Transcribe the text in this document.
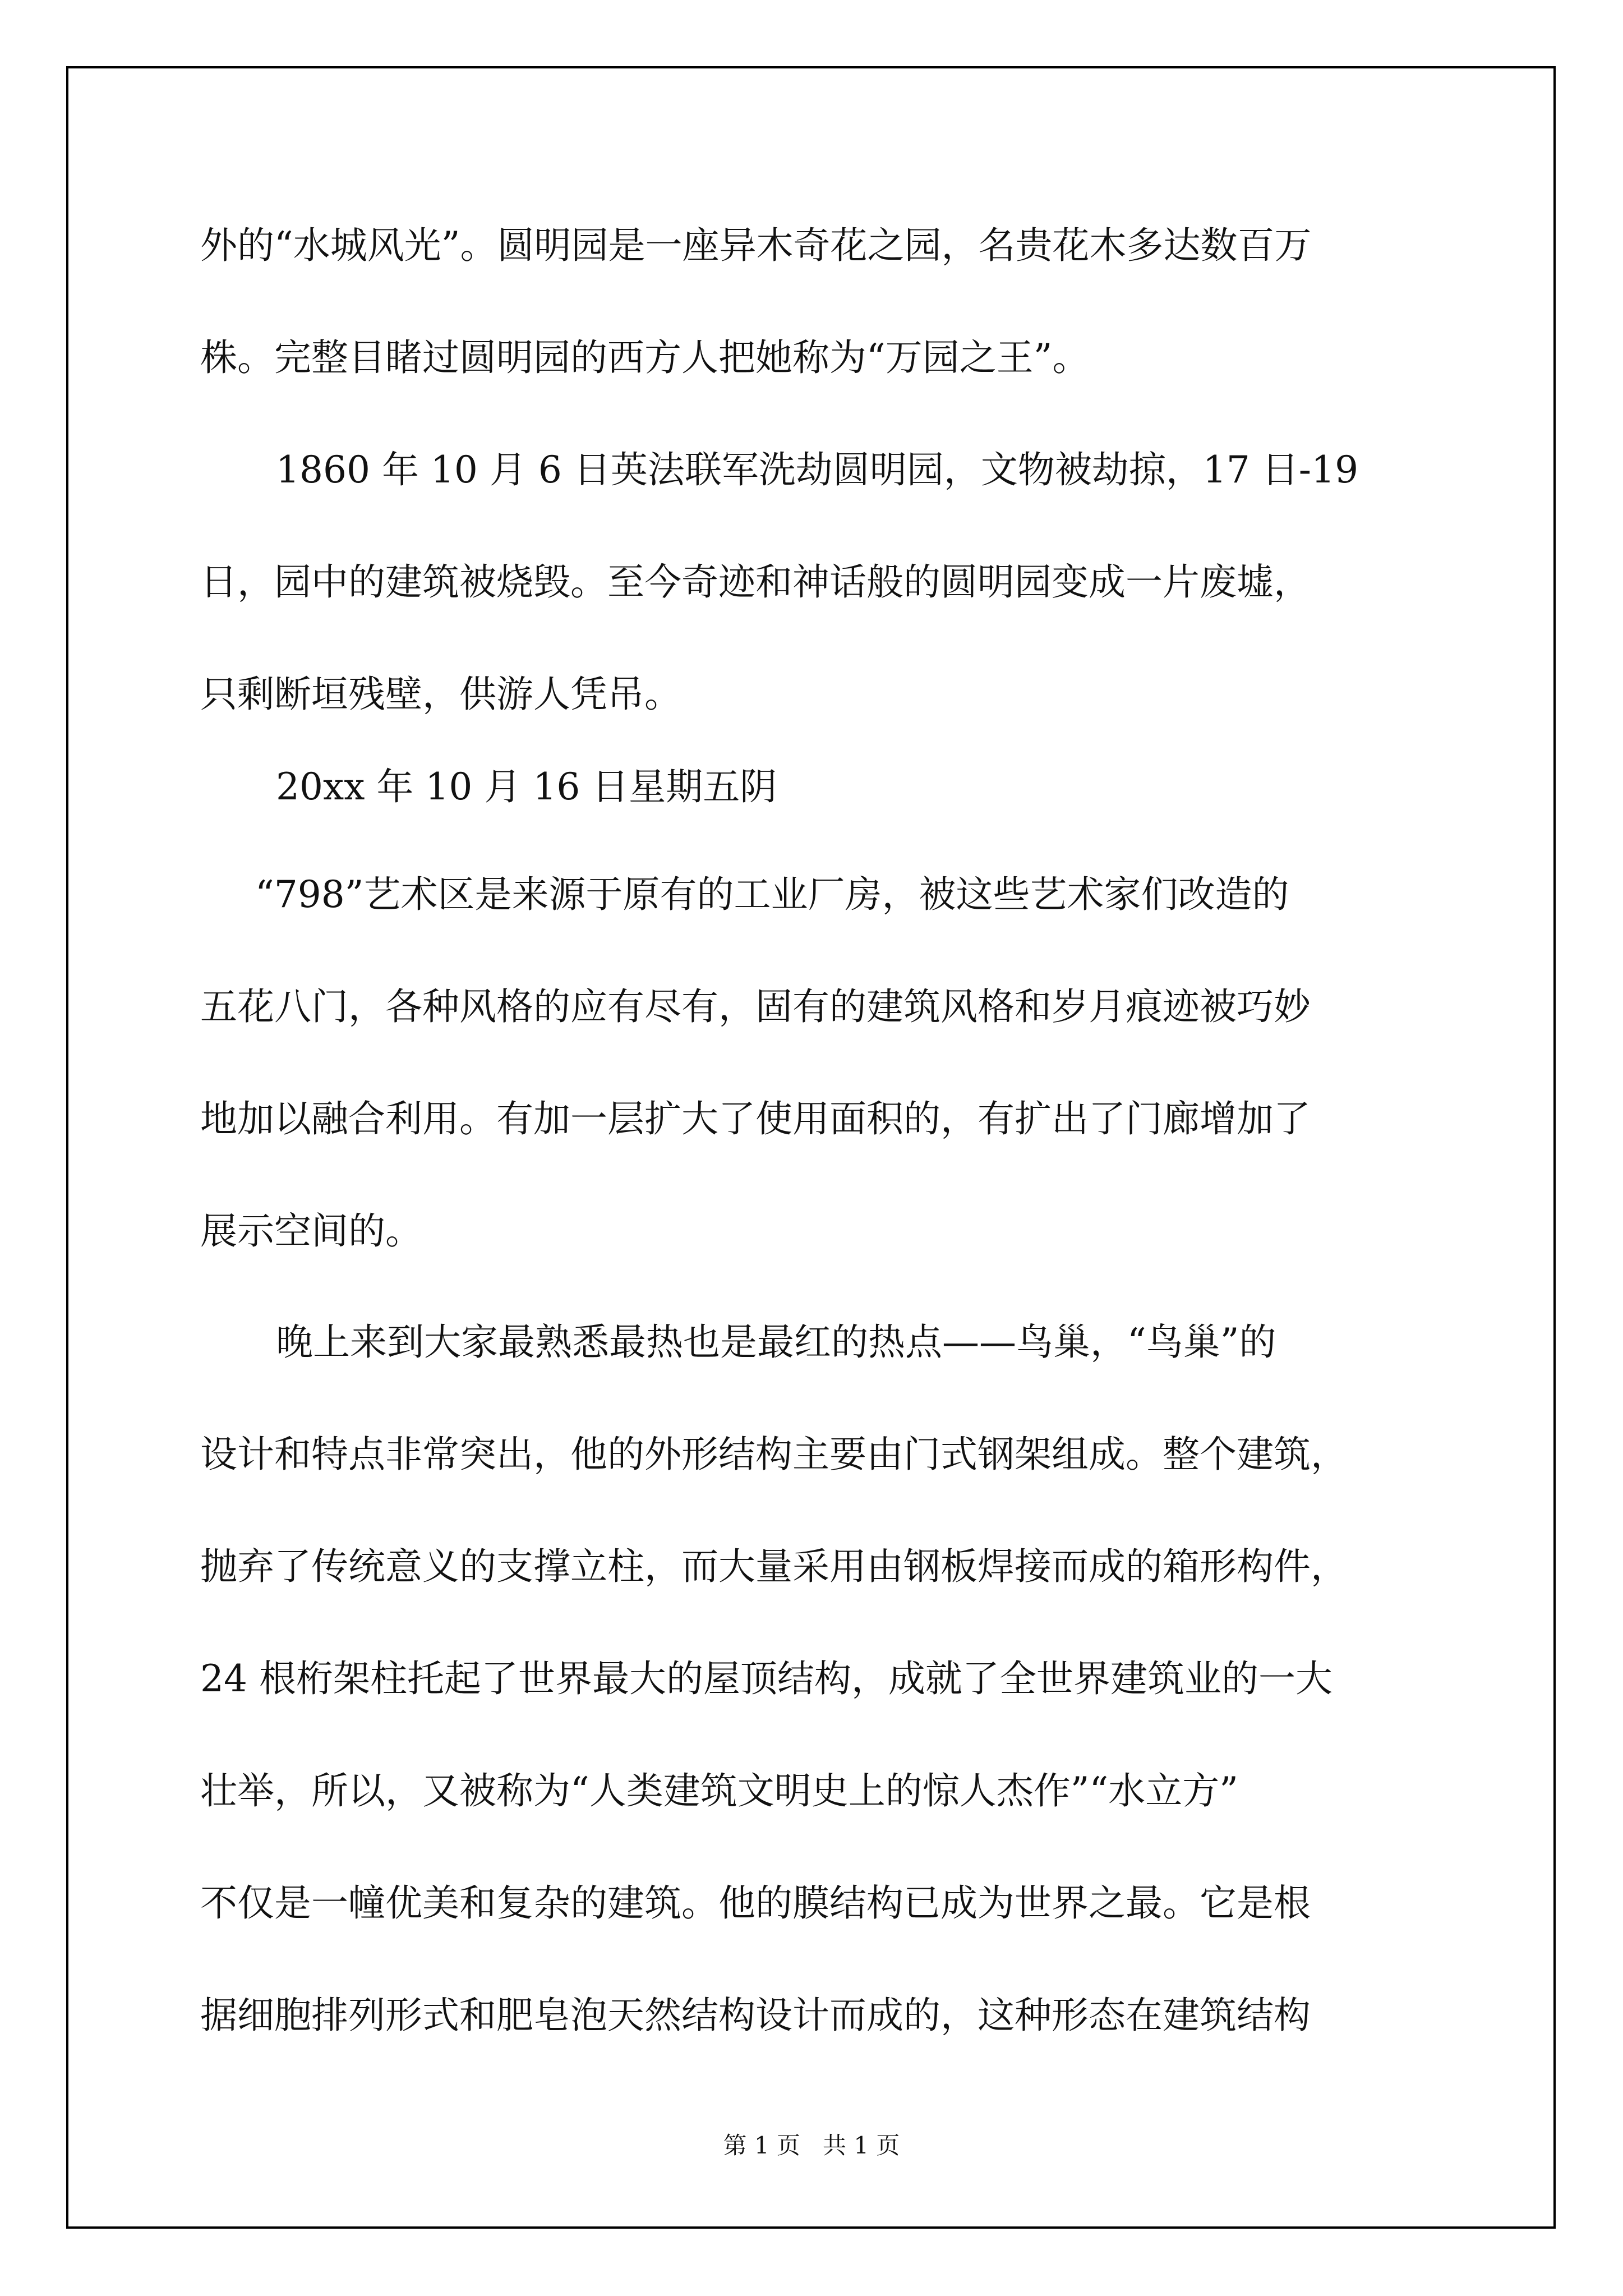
外的“水城风光”。圆明园是一座异木奇花之园，名贵花木多达数百万
株。完整目睹过圆明园的西方人把她称为“万园之王”。
1860 年 10 月 6 日英法联军洗劫圆明园，文物被劫掠，17 日-19
日，园中的建筑被烧毁。至今奇迹和神话般的圆明园变成一片废墟，
只剩断垣残壁，供游人凭吊。
20xx 年 10 月 16 日星期五阴
“798”艺术区是来源于原有的工业厂房，被这些艺术家们改造的
五花八门，各种风格的应有尽有，固有的建筑风格和岁月痕迹被巧妙
地加以融合利用。有加一层扩大了使用面积的，有扩出了门廊增加了
展示空间的。
晚上来到大家最熟悉最热也是最红的热点——鸟巢，“鸟巢”的
设计和特点非常突出，他的外形结构主要由门式钢架组成。整个建筑，
抛弃了传统意义的支撑立柱，而大量采用由钢板焊接而成的箱形构件，
24 根桁架柱托起了世界最大的屋顶结构，成就了全世界建筑业的一大
壮举，所以，又被称为“人类建筑文明史上的惊人杰作”“水立方”
不仅是一幢优美和复杂的建筑。他的膜结构已成为世界之最。它是根
据细胞排列形式和肥皂泡天然结构设计而成的，这种形态在建筑结构
第 1 页 共 1 页
